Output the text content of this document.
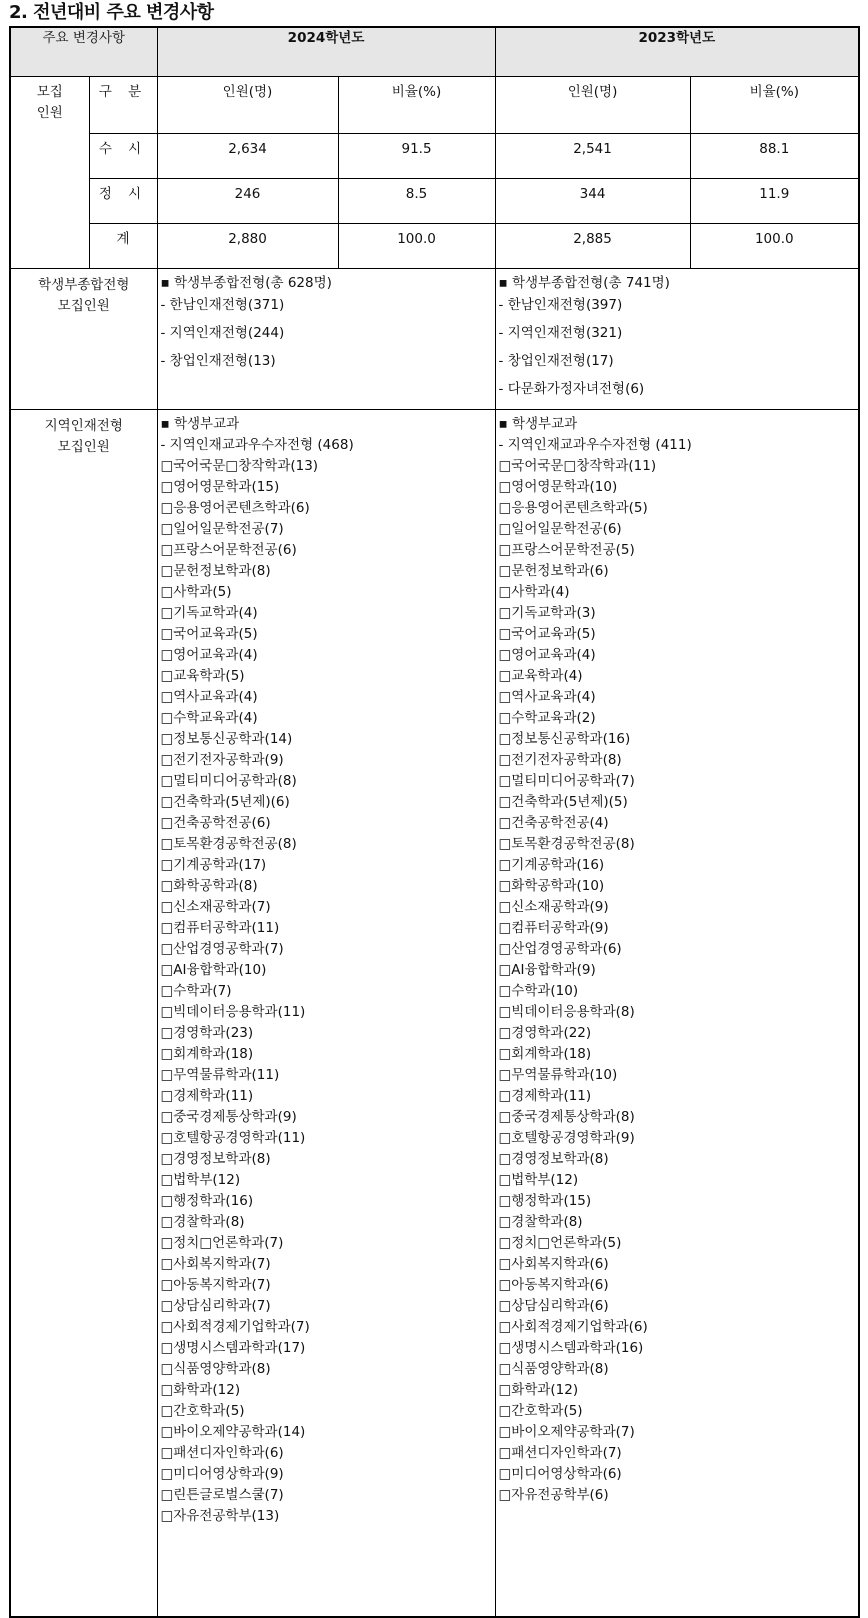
2. 전년대비 주요 변경사항
주요 변경사항		2024학년도		2023학년도	

모집
인원	구 분	인원(명)	비율(%)	인원(명)	비율(%)
	수 시	2,634	91.5	2,541	88.1
	정 시	246	8.5	344	11.9
	계	2,880	100.0	2,885	100.0

학생부종합전형
모집인원

▪ 학생부종합전형(총 628명)
- 한남인재전형(371)
- 지역인재전형(244)
- 창업인재전형(13)

▪ 학생부종합전형(총 741명)
- 한남인재전형(397)
- 지역인재전형(321)
- 창업인재전형(17)
- 다문화가정자녀전형(6)

지역인재전형
모집인원

▪ 학생부교과
- 지역인재교과우수자전형 (468)
□국어국문□창작학과(13)
□영어영문학과(15)
□응용영어콘텐츠학과(6)
□일어일문학전공(7)
□프랑스어문학전공(6)
□문헌정보학과(8)
□사학과(5)
□기독교학과(4)
□국어교육과(5)
□영어교육과(4)
□교육학과(5)
□역사교육과(4)
□수학교육과(4)
□정보통신공학과(14)
□전기전자공학과(9)
□멀티미디어공학과(8)
□건축학과(5년제)(6)
□건축공학전공(6)
□토목환경공학전공(8)
□기계공학과(17)
□화학공학과(8)
□신소재공학과(7)
□컴퓨터공학과(11)
□산업경영공학과(7)
□AI융합학과(10)
□수학과(7)
□빅데이터응용학과(11)
□경영학과(23)
□회계학과(18)
□무역물류학과(11)
□경제학과(11)
□중국경제통상학과(9)
□호텔항공경영학과(11)
□경영정보학과(8)
□법학부(12)
□행정학과(16)
□경찰학과(8)
□정치□언론학과(7)
□사회복지학과(7)
□아동복지학과(7)
□상담심리학과(7)
□사회적경제기업학과(7)
□생명시스템과학과(17)
□식품영양학과(8)
□화학과(12)
□간호학과(5)
□바이오제약공학과(14)
□패션디자인학과(6)
□미디어영상학과(9)
□린튼글로벌스쿨(7)
□자유전공학부(13)

▪ 학생부교과
- 지역인재교과우수자전형 (411)
□국어국문□창작학과(11)
□영어영문학과(10)
□응용영어콘텐츠학과(5)
□일어일문학전공(6)
□프랑스어문학전공(5)
□문헌정보학과(6)
□사학과(4)
□기독교학과(3)
□국어교육과(5)
□영어교육과(4)
□교육학과(4)
□역사교육과(4)
□수학교육과(2)
□정보통신공학과(16)
□전기전자공학과(8)
□멀티미디어공학과(7)
□건축학과(5년제)(5)
□건축공학전공(4)
□토목환경공학전공(8)
□기계공학과(16)
□화학공학과(10)
□신소재공학과(9)
□컴퓨터공학과(9)
□산업경영공학과(6)
□AI융합학과(9)
□수학과(10)
□빅데이터응용학과(8)
□경영학과(22)
□회계학과(18)
□무역물류학과(10)
□경제학과(11)
□중국경제통상학과(8)
□호텔항공경영학과(9)
□경영정보학과(8)
□법학부(12)
□행정학과(15)
□경찰학과(8)
□정치□언론학과(5)
□사회복지학과(6)
□아동복지학과(6)
□상담심리학과(6)
□사회적경제기업학과(6)
□생명시스템과학과(16)
□식품영양학과(8)
□화학과(12)
□간호학과(5)
□바이오제약공학과(7)
□패션디자인학과(7)
□미디어영상학과(6)
□자유전공학부(6)
